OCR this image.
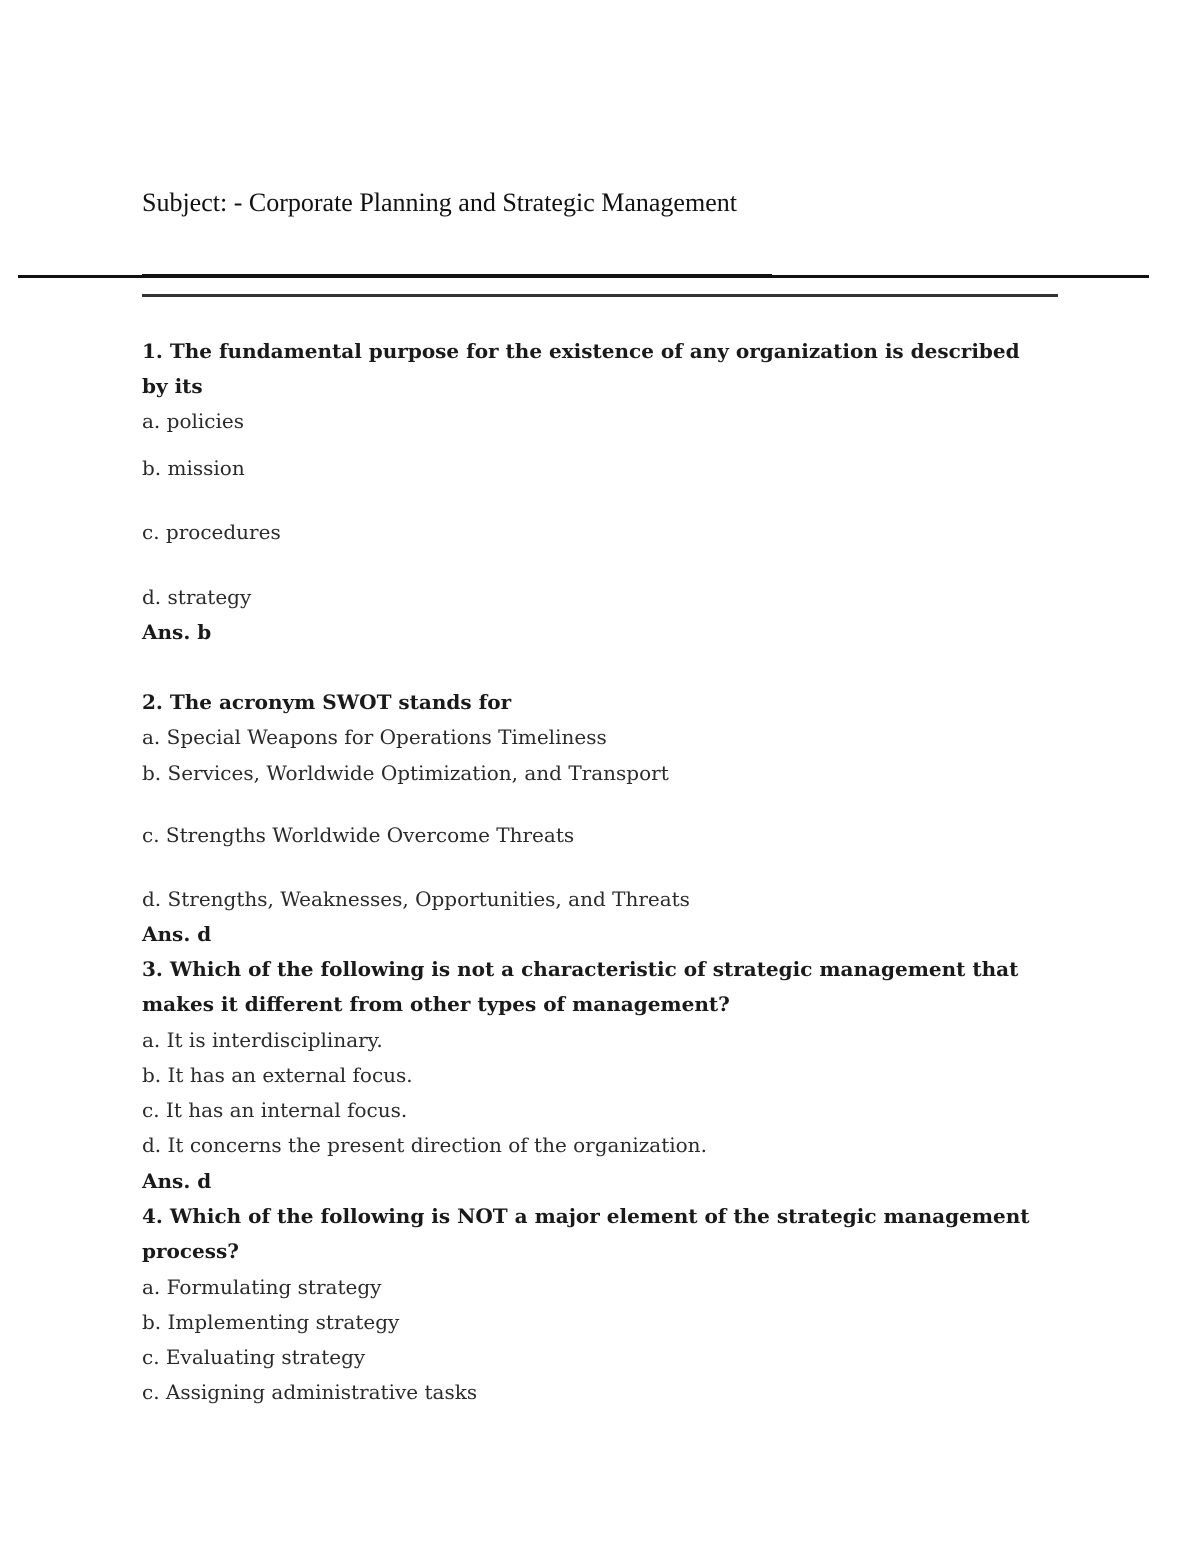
Subject: - Corporate Planning and Strategic Management
1. The fundamental purpose for the existence of any organization is described
by its
a. policies
b. mission
c. procedures
d. strategy
Ans. b
2. The acronym SWOT stands for
a. Special Weapons for Operations Timeliness
b. Services, Worldwide Optimization, and Transport
c. Strengths Worldwide Overcome Threats
d. Strengths, Weaknesses, Opportunities, and Threats
Ans. d
3. Which of the following is not a characteristic of strategic management that
makes it different from other types of management?
a. It is interdisciplinary.
b. It has an external focus.
c. It has an internal focus.
d. It concerns the present direction of the organization.
Ans. d
4. Which of the following is NOT a major element of the strategic management
process?
a. Formulating strategy
b. Implementing strategy
c. Evaluating strategy
c. Assigning administrative tasks
